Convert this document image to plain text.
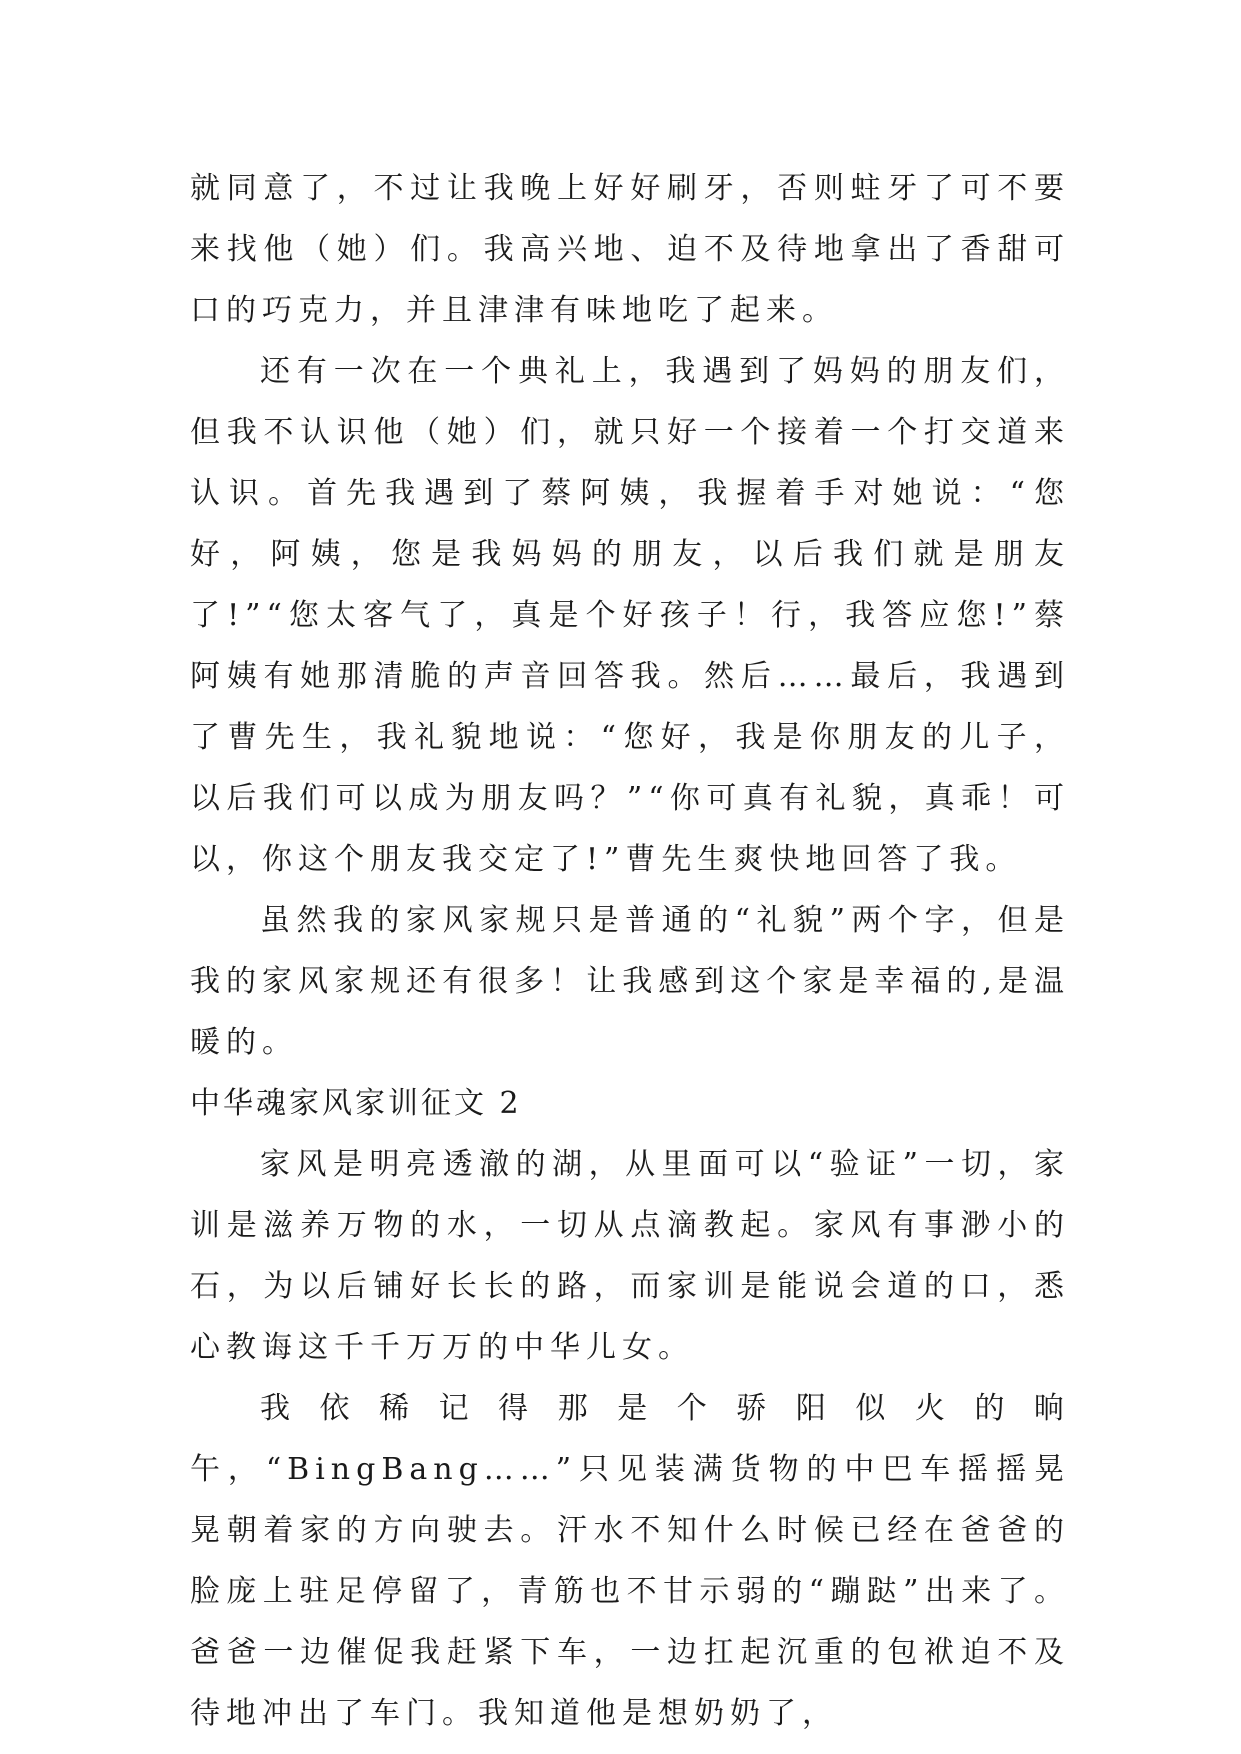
就同意了，不过让我晚上好好刷牙，否则蛀牙了可不要来找他（她）们。我高兴地、迫不及待地拿出了香甜可口的巧克力，并且津津有味地吃了起来。

还有一次在一个典礼上，我遇到了妈妈的朋友们，但我不认识他（她）们，就只好一个接着一个打交道来认识。首先我遇到了蔡阿姨，我握着手对她说：“您好，阿姨，您是我妈妈的朋友，以后我们就是朋友了!”“您太客气了，真是个好孩子！行，我答应您!”蔡阿姨有她那清脆的声音回答我。然后……最后，我遇到了曹先生，我礼貌地说：“您好，我是你朋友的儿子，以后我们可以成为朋友吗？”“你可真有礼貌，真乖！可以，你这个朋友我交定了!”曹先生爽快地回答了我。

虽然我的家风家规只是普通的“礼貌”两个字，但是我的家风家规还有很多！让我感到这个家是幸福的,是温暖的。

中华魂家风家训征文 2

家风是明亮透澈的湖，从里面可以“验证”一切，家训是滋养万物的水，一切从点滴教起。家风有事渺小的石，为以后铺好长长的路，而家训是能说会道的口，悉心教诲这千千万万的中华儿女。

我依稀记得那是个骄阳似火的晌午，“BingBang……”只见装满货物的中巴车摇摇晃晃朝着家的方向驶去。汗水不知什么时候已经在爸爸的脸庞上驻足停留了，青筋也不甘示弱的“蹦跶”出来了。爸爸一边催促我赶紧下车，一边扛起沉重的包袱迫不及待地冲出了车门。我知道他是想奶奶了，
